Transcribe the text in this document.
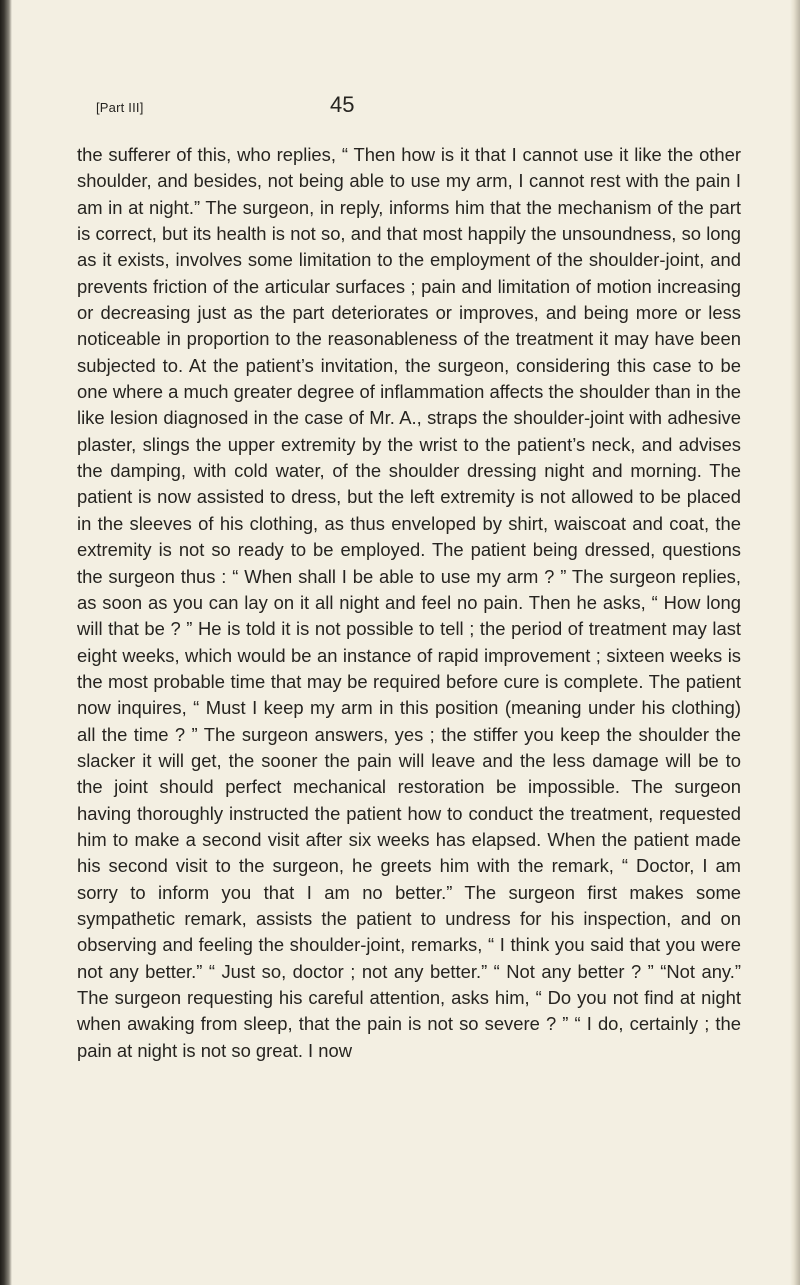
[Part III]	45

the sufferer of this, who replies, “ Then how is it that I cannot use it like the other shoulder, and besides, not being able to use my arm, I cannot rest with the pain I am in at night.” The surgeon, in reply, informs him that the mechanism of the part is correct, but its health is not so, and that most happily the unsoundness, so long as it exists, involves some limitation to the employment of the shoulder-joint, and prevents friction of the articular surfaces ; pain and limitation of motion increasing or decreasing just as the part deteriorates or improves, and being more or less noticeable in proportion to the reasonableness of the treatment it may have been subjected to. At the patient’s invitation, the surgeon, considering this case to be one where a much greater degree of inflammation affects the shoulder than in the like lesion diagnosed in the case of Mr. A., straps the shoulder-joint with adhesive plaster, slings the upper extremity by the wrist to the patient’s neck, and advises the damping, with cold water, of the shoulder dressing night and morning. The patient is now assisted to dress, but the left extremity is not allowed to be placed in the sleeves of his clothing, as thus enveloped by shirt, waiscoat and coat, the extremity is not so ready to be employed. The patient being dressed, questions the surgeon thus : “ When shall I be able to use my arm ? ” The surgeon replies, as soon as you can lay on it all night and feel no pain. Then he asks, “ How long will that be ? ” He is told it is not possible to tell ; the period of treatment may last eight weeks, which would be an instance of rapid improvement ; sixteen weeks is the most probable time that may be required before cure is complete. The patient now inquires, “ Must I keep my arm in this position (meaning under his clothing) all the time ? ” The surgeon answers, yes ; the stiffer you keep the shoulder the slacker it will get, the sooner the pain will leave and the less damage will be to the joint should perfect mechanical restoration be impossible. The surgeon having thoroughly instructed the patient how to conduct the treatment, requested him to make a second visit after six weeks has elapsed. When the patient made his second visit to the surgeon, he greets him with the remark, “ Doctor, I am sorry to inform you that I am no better.” The surgeon first makes some sympathetic remark, assists the patient to undress for his inspection, and on observing and feeling the shoulder-joint, remarks, “ I think you said that you were not any better.” “ Just so, doctor ; not any better.” “ Not any better ? ” “Not any.” The surgeon requesting his careful attention, asks him, “ Do you not find at night when awaking from sleep, that the pain is not so severe ? ” “ I do, certainly ; the pain at night is not so great. I now
